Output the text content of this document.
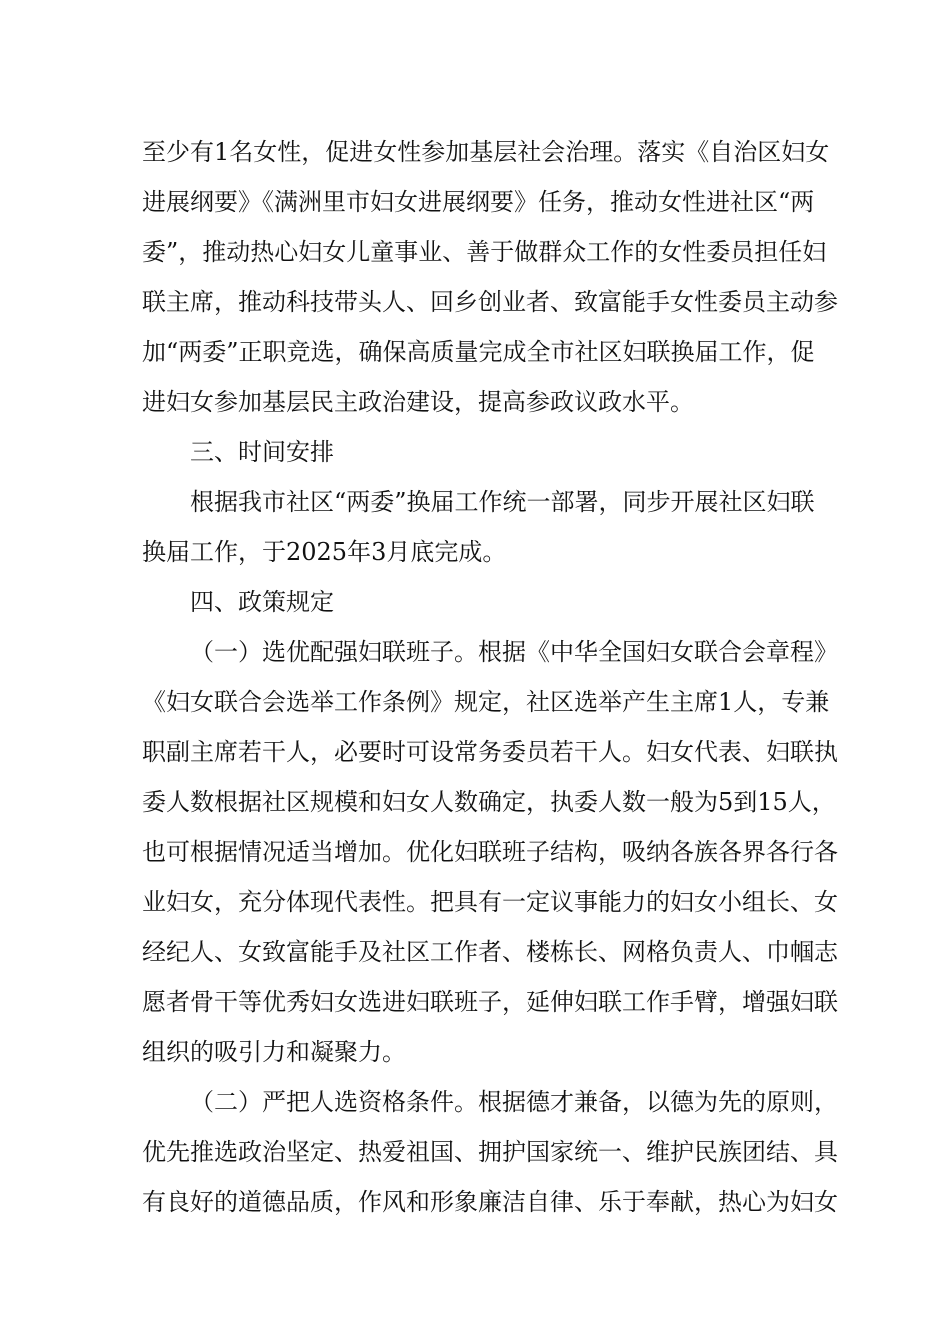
至少有1名女性，促进女性参加基层社会治理。落实《自治区妇女
进展纲要》《满洲里市妇女进展纲要》任务，推动女性进社区“两
委”，推动热心妇女儿童事业、善于做群众工作的女性委员担任妇
联主席，推动科技带头人、回乡创业者、致富能手女性委员主动参
加“两委”正职竞选，确保高质量完成全市社区妇联换届工作，促
进妇女参加基层民主政治建设，提高参政议政水平。
三、时间安排
根据我市社区“两委”换届工作统一部署，同步开展社区妇联
换届工作，于2025年3月底完成。
四、政策规定
（一）选优配强妇联班子。根据《中华全国妇女联合会章程》
《妇女联合会选举工作条例》规定，社区选举产生主席1人，专兼
职副主席若干人，必要时可设常务委员若干人。妇女代表、妇联执
委人数根据社区规模和妇女人数确定，执委人数一般为5到15人，
也可根据情况适当增加。优化妇联班子结构，吸纳各族各界各行各
业妇女，充分体现代表性。把具有一定议事能力的妇女小组长、女
经纪人、女致富能手及社区工作者、楼栋长、网格负责人、巾帼志
愿者骨干等优秀妇女选进妇联班子，延伸妇联工作手臂，增强妇联
组织的吸引力和凝聚力。
（二）严把人选资格条件。根据德才兼备，以德为先的原则，
优先推选政治坚定、热爱祖国、拥护国家统一、维护民族团结、具
有良好的道德品质，作风和形象廉洁自律、乐于奉献，热心为妇女
